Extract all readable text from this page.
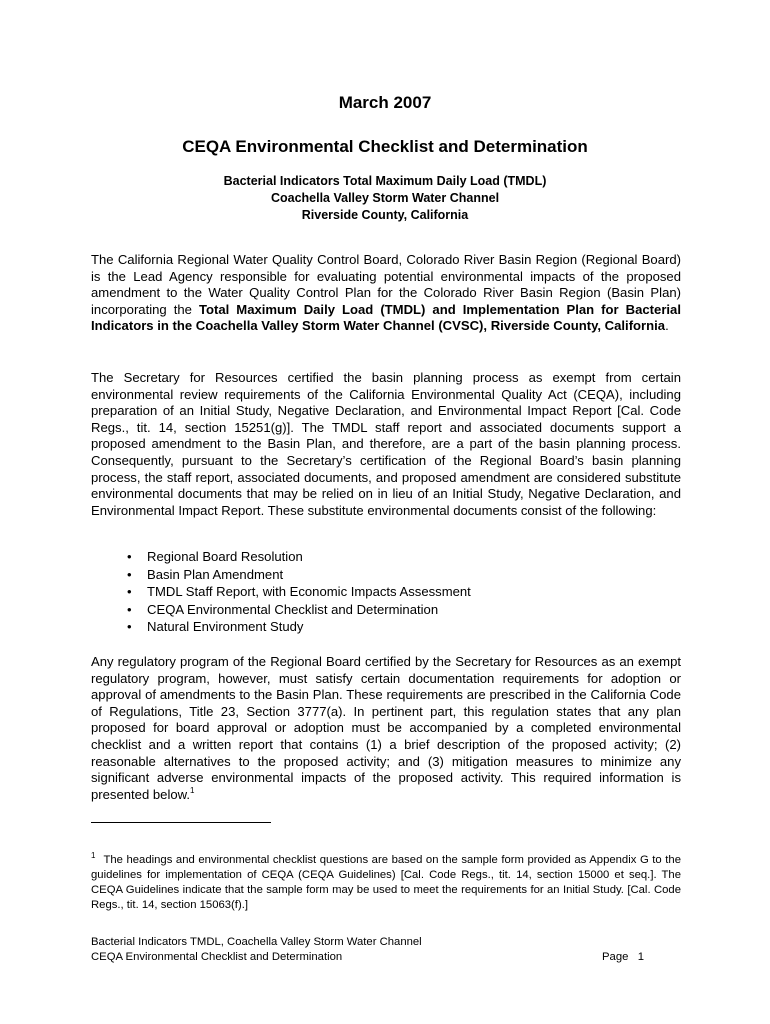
March 2007
CEQA Environmental Checklist and Determination
Bacterial Indicators Total Maximum Daily Load (TMDL)
Coachella Valley Storm Water Channel
Riverside County, California

The California Regional Water Quality Control Board, Colorado River Basin Region (Regional Board) is the Lead Agency responsible for evaluating potential environmental impacts of the proposed amendment to the Water Quality Control Plan for the Colorado River Basin Region (Basin Plan) incorporating the Total Maximum Daily Load (TMDL) and Implementation Plan for Bacterial Indicators in the Coachella Valley Storm Water Channel (CVSC), Riverside County, California.

The Secretary for Resources certified the basin planning process as exempt from certain environmental review requirements of the California Environmental Quality Act (CEQA), including preparation of an Initial Study, Negative Declaration, and Environmental Impact Report [Cal. Code Regs., tit. 14, section 15251(g)]. The TMDL staff report and associated documents support a proposed amendment to the Basin Plan, and therefore, are a part of the basin planning process. Consequently, pursuant to the Secretary’s certification of the Regional Board’s basin planning process, the staff report, associated documents, and proposed amendment are considered substitute environmental documents that may be relied on in lieu of an Initial Study, Negative Declaration, and Environmental Impact Report. These substitute environmental documents consist of the following:

• Regional Board Resolution
• Basin Plan Amendment
• TMDL Staff Report, with Economic Impacts Assessment
• CEQA Environmental Checklist and Determination
• Natural Environment Study

Any regulatory program of the Regional Board certified by the Secretary for Resources as an exempt regulatory program, however, must satisfy certain documentation requirements for adoption or approval of amendments to the Basin Plan. These requirements are prescribed in the California Code of Regulations, Title 23, Section 3777(a). In pertinent part, this regulation states that any plan proposed for board approval or adoption must be accompanied by a completed environmental checklist and a written report that contains (1) a brief description of the proposed activity; (2) reasonable alternatives to the proposed activity; and (3) mitigation measures to minimize any significant adverse environmental impacts of the proposed activity. This required information is presented below.$^1$

$^1$ The headings and environmental checklist questions are based on the sample form provided as Appendix G to the guidelines for implementation of CEQA (CEQA Guidelines) [Cal. Code Regs., tit. 14, section 15000 et seq.]. The CEQA Guidelines indicate that the sample form may be used to meet the requirements for an Initial Study. [Cal. Code Regs., tit. 14, section 15063(f).]

Bacterial Indicators TMDL, Coachella Valley Storm Water Channel
CEQA Environmental Checklist and Determination	Page   1
